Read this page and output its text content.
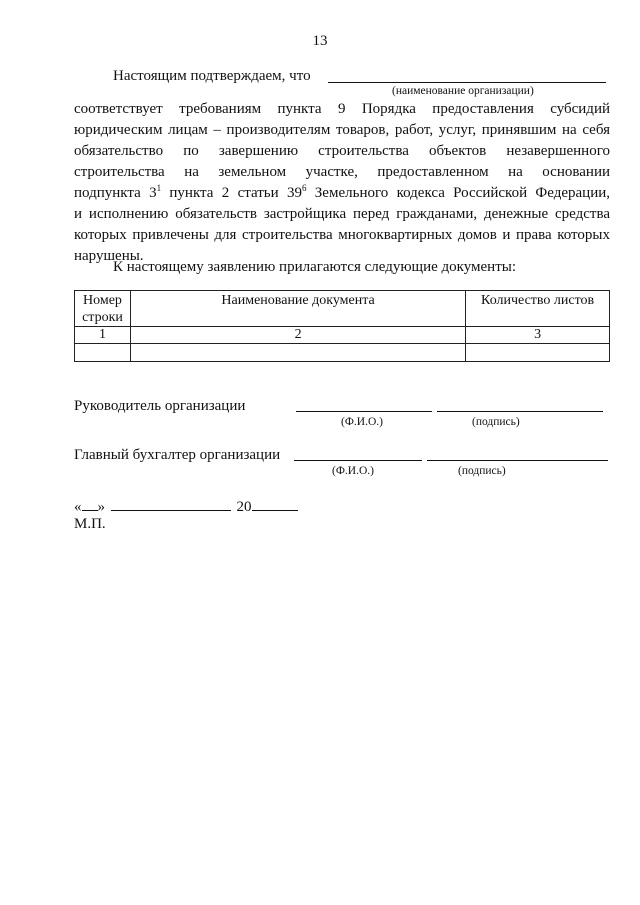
13
Настоящим подтверждаем, что
(наименование организации)
соответствует требованиям пункта 9 Порядка предоставления субсидий
юридическим лицам – производителям товаров, работ, услуг, принявшим на себя
обязательство по завершению строительства объектов незавершенного
строительства на земельном участке, предоставленном на основании
подпункта $3^1$ пункта 2 статьи $39^6$ Земельного кодекса Российской Федерации,
и исполнению обязательств застройщика перед гражданами, денежные средства
которых привлечены для строительства многоквартирных домов и права которых
нарушены.
К настоящему заявлению прилагаются следующие документы:
Номер строки	Наименование документа	Количество листов
1	2	3

Руководитель организации
(Ф.И.О.)	(подпись)
Главный бухгалтер организации
(Ф.И.О.)	(подпись)
« »	20
М.П.
